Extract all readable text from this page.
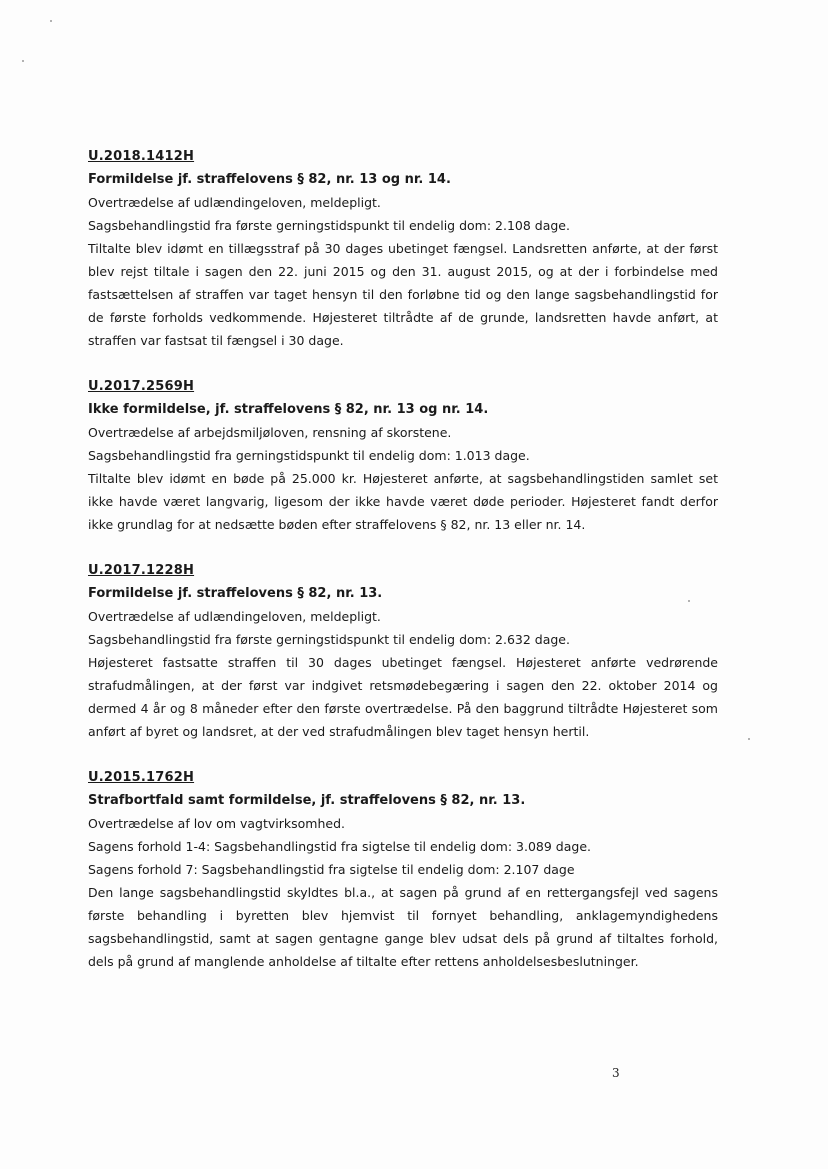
U.2018.1412H
Formildelse jf. straffelovens § 82, nr. 13 og nr. 14.
Overtrædelse af udlændingeloven, meldepligt.
Sagsbehandlingstid fra første gerningstidspunkt til endelig dom: 2.108 dage.

Tiltalte blev idømt en tillægsstraf på 30 dages ubetinget fængsel. Landsretten anførte, at der først blev rejst tiltale i sagen den 22. juni 2015 og den 31. august 2015, og at der i forbindelse med fastsættelsen af straffen var taget hensyn til den forløbne tid og den lange sagsbehandlingstid for de første forholds vedkommende. Højesteret tiltrådte af de grunde, landsretten havde anført, at straffen var fastsat til fængsel i 30 dage.

U.2017.2569H
Ikke formildelse, jf. straffelovens § 82, nr. 13 og nr. 14.
Overtrædelse af arbejdsmiljøloven, rensning af skorstene.
Sagsbehandlingstid fra gerningstidspunkt til endelig dom: 1.013 dage.

Tiltalte blev idømt en bøde på 25.000 kr. Højesteret anførte, at sagsbehandlingstiden samlet set ikke havde været langvarig, ligesom der ikke havde været døde perioder. Højesteret fandt derfor ikke grundlag for at nedsætte bøden efter straffelovens § 82, nr. 13 eller nr. 14.

U.2017.1228H
Formildelse jf. straffelovens § 82, nr. 13.
Overtrædelse af udlændingeloven, meldepligt.
Sagsbehandlingstid fra første gerningstidspunkt til endelig dom: 2.632 dage.

Højesteret fastsatte straffen til 30 dages ubetinget fængsel. Højesteret anførte vedrørende strafudmålingen, at der først var indgivet retsmødebegæring i sagen den 22. oktober 2014 og dermed 4 år og 8 måneder efter den første overtrædelse. På den baggrund tiltrådte Højesteret som anført af byret og landsret, at der ved strafudmålingen blev taget hensyn hertil.

U.2015.1762H
Strafbortfald samt formildelse, jf. straffelovens § 82, nr. 13.
Overtrædelse af lov om vagtvirksomhed.
Sagens forhold 1-4: Sagsbehandlingstid fra sigtelse til endelig dom: 3.089 dage.
Sagens forhold 7: Sagsbehandlingstid fra sigtelse til endelig dom: 2.107 dage

Den lange sagsbehandlingstid skyldtes bl.a., at sagen på grund af en rettergangsfejl ved sagens første behandling i byretten blev hjemvist til fornyet behandling, anklagemyndighedens sagsbehandlingstid, samt at sagen gentagne gange blev udsat dels på grund af tiltaltes forhold, dels på grund af manglende anholdelse af tiltalte efter rettens anholdelsesbeslutninger.

3
